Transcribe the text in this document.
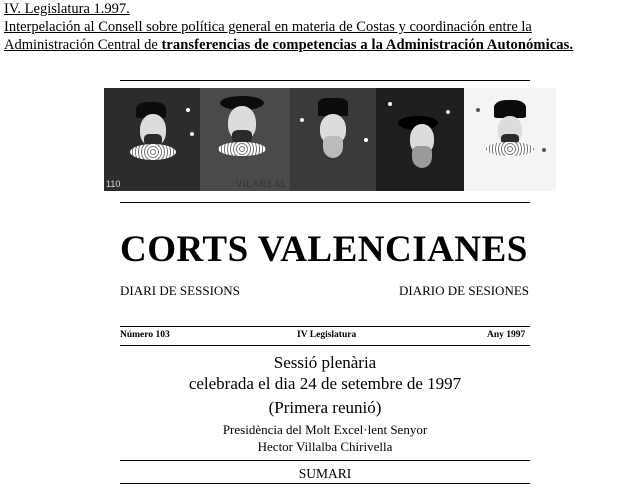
IV. Legislatura 1.997.
Interpelación al Consell sobre política general en materia de Costas y coordinación entre la
Administración Central de transferencias de competencias a la Administración Autonómicas.
110	VILAREAL
CORTS VALENCIANES
DIARI DE SESSIONS	DIARIO DE SESIONES
Número 103	IV Legislatura	Any 1997
Sessió plenària
celebrada el dia 24 de setembre de 1997
(Primera reunió)
Presidència del Molt Excel·lent Senyor
Hector Villalba Chirivella
SUMARI
